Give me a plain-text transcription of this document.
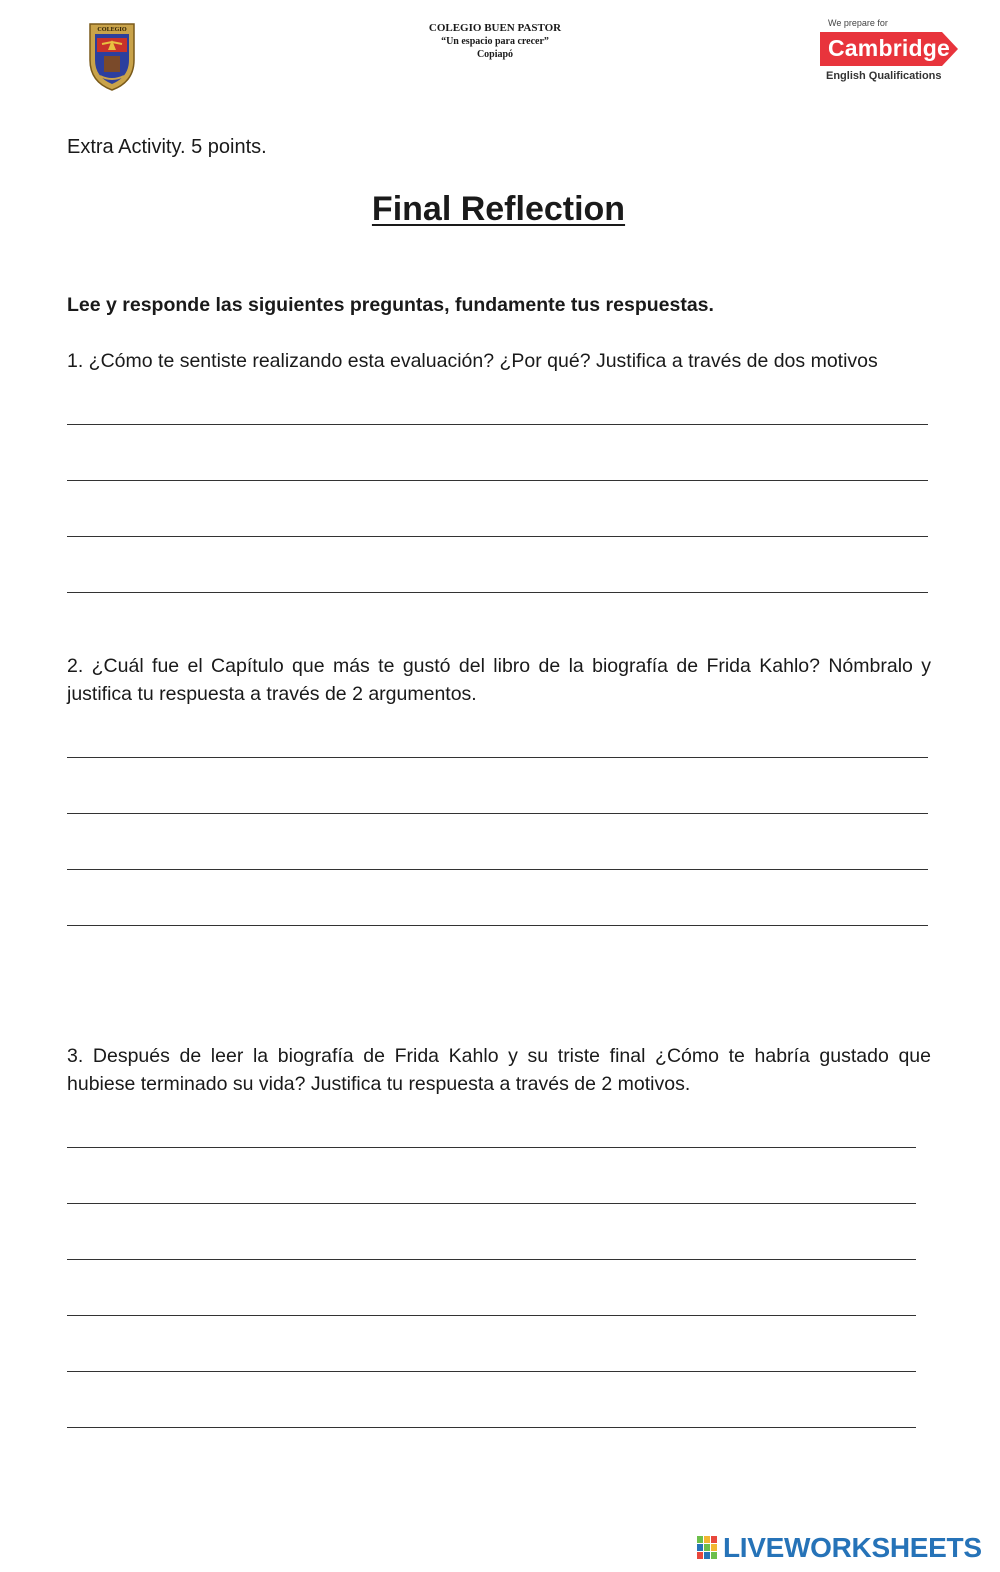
COLEGIO	COLEGIO BUEN PASTOR
“Un espacio para crecer”
Copiapó
We prepare for
Cambridge
English Qualifications
Extra Activity. 5 points.
Final Reflection
Lee y responde las siguientes preguntas, fundamente tus respuestas.
1. ¿Cómo te sentiste realizando esta evaluación? ¿Por qué? Justifica a través de dos motivos
2. ¿Cuál fue el Capítulo que más te gustó del libro de la biografía de Frida Kahlo? Nómbralo y justifica tu respuesta a través de 2 argumentos.
3. Después de leer la biografía de Frida Kahlo y su triste final ¿Cómo te habría gustado que hubiese terminado su vida? Justifica tu respuesta a través de 2 motivos.
LIVEWORKSHEETS
